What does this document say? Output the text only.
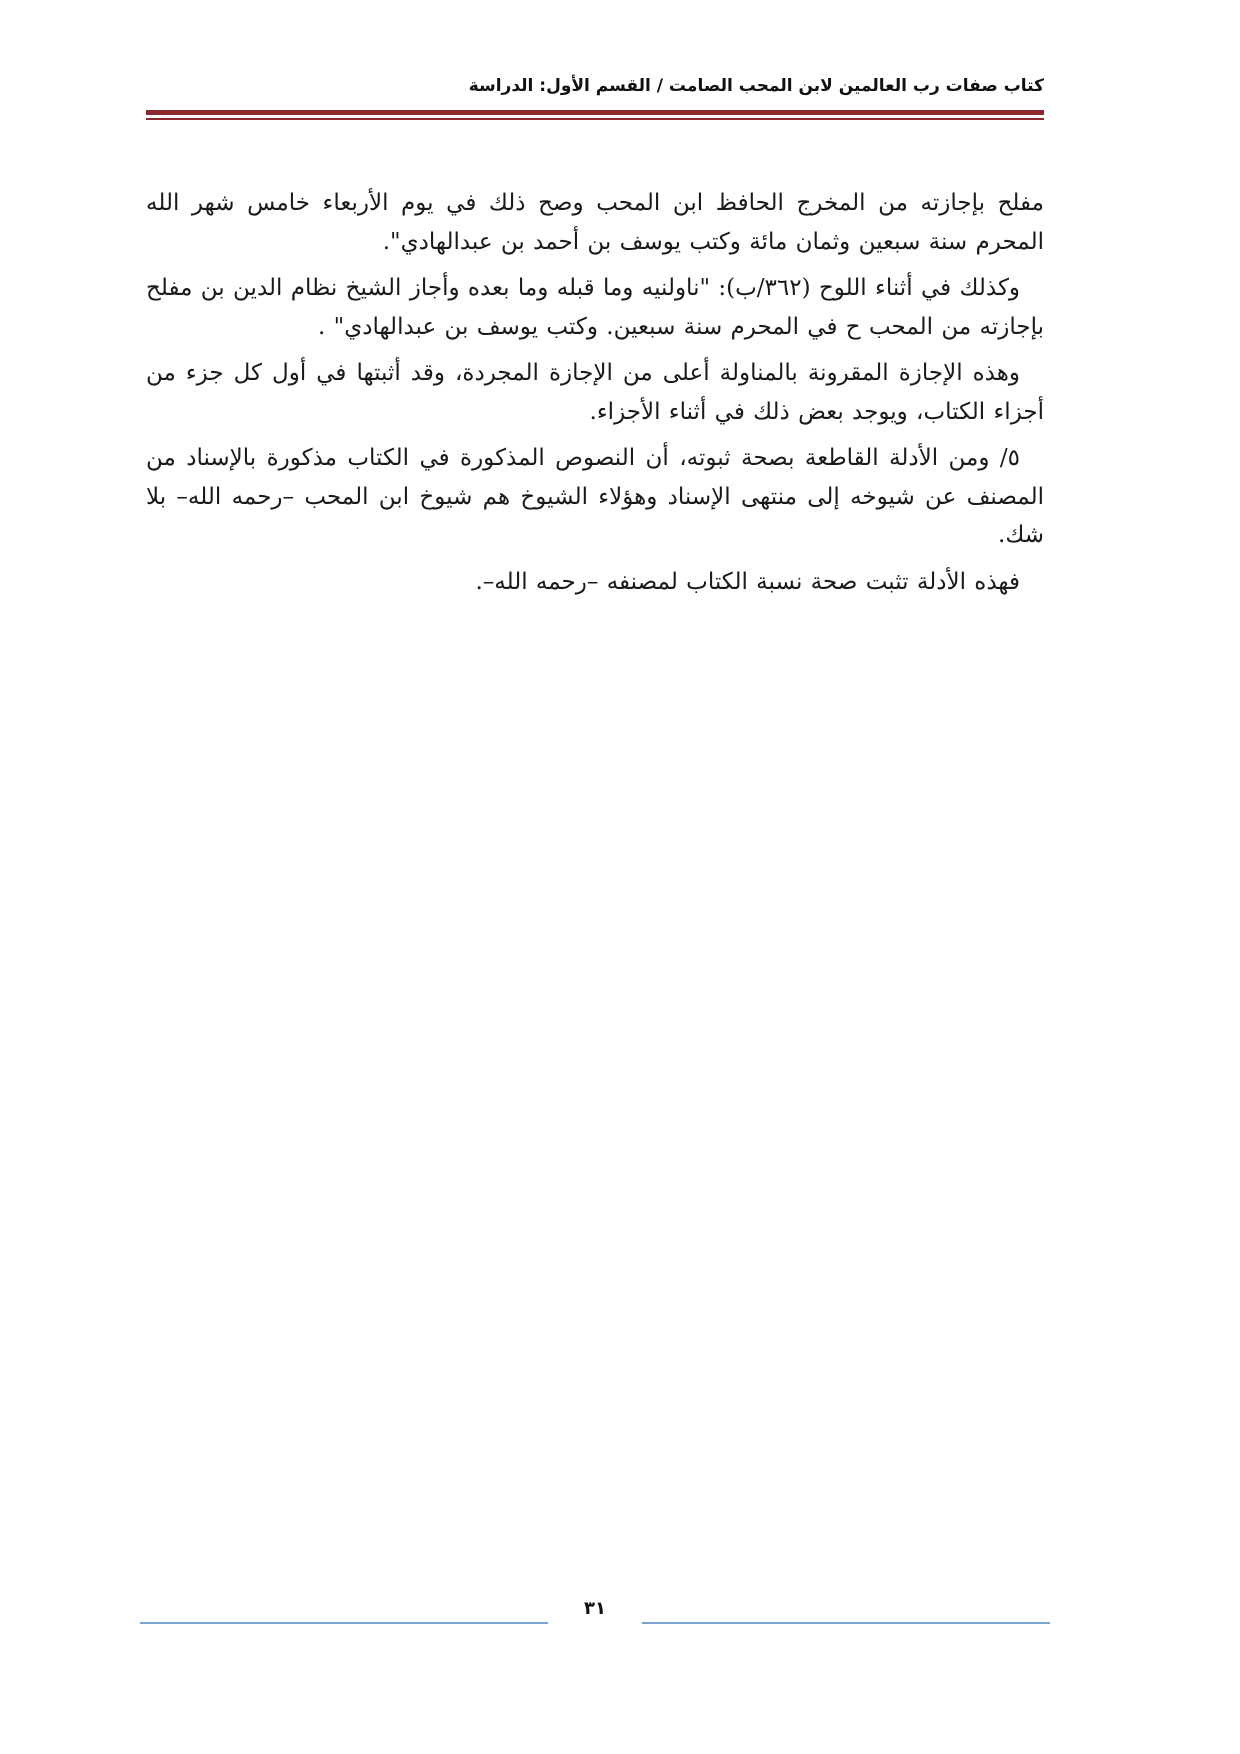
كتاب صفات رب العالمين لابن المحب الصامت / القسم الأول: الدراسة

مفلح بإجازته من المخرج الحافظ ابن المحب وصح ذلك في يوم الأربعاء خامس شهر الله المحرم سنة سبعين وثمان مائة وكتب يوسف بن أحمد بن عبدالهادي".

وكذلك في أثناء اللوح (٣٦٢/ب): "ناولنيه وما قبله وما بعده وأجاز الشيخ نظام الدين بن مفلح بإجازته من المحب ح في المحرم سنة سبعين. وكتب يوسف بن عبدالهادي" .

وهذه الإجازة المقرونة بالمناولة أعلى من الإجازة المجردة، وقد أثبتها في أول كل جزء من أجزاء الكتاب، ويوجد بعض ذلك في أثناء الأجزاء.

٥/ ومن الأدلة القاطعة بصحة ثبوته، أن النصوص المذكورة في الكتاب مذكورة بالإسناد من المصنف عن شيوخه إلى منتهى الإسناد وهؤلاء الشيوخ هم شيوخ ابن المحب –رحمه الله– بلا شك.

فهذه الأدلة تثبت صحة نسبة الكتاب لمصنفه –رحمه الله–.

٣١
